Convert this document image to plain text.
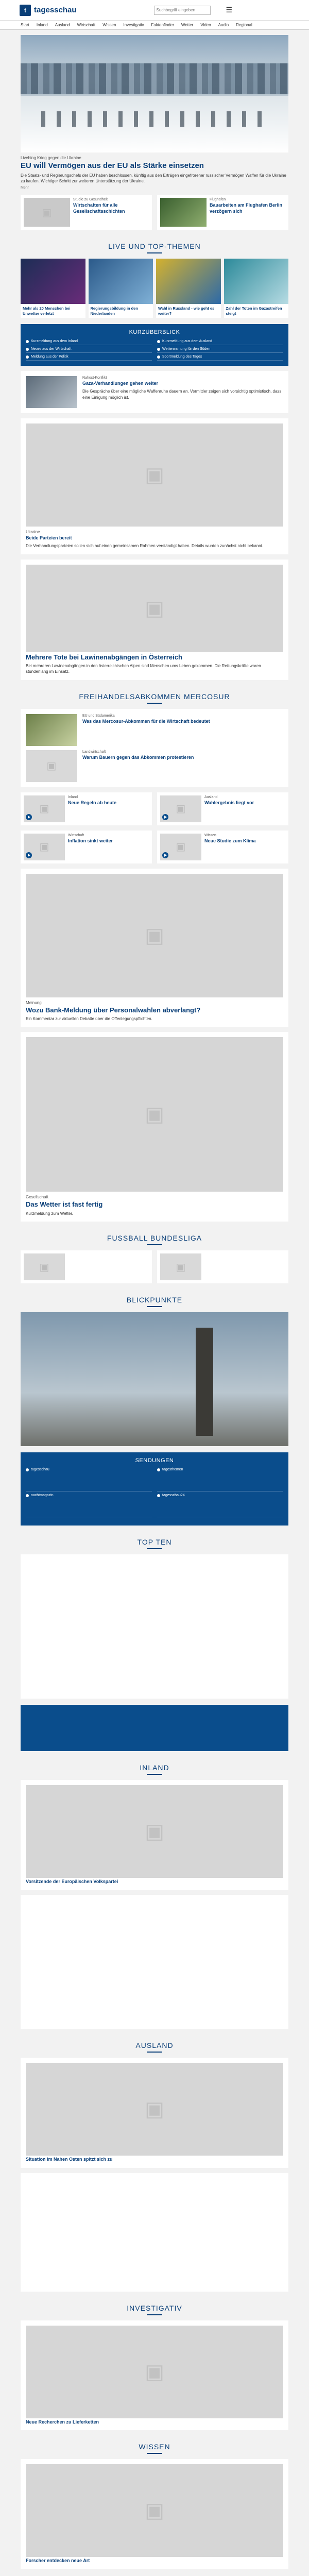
t	tagesschau
Suchbegriff eingeben	☰
Start Inland Ausland Wirtschaft Wissen Investigativ Faktenfinder Wetter Video Audio Regional
Liveblog Krieg gegen die Ukraine
EU will Vermögen aus der EU als Stärke einsetzen
Die Staats- und Regierungschefs der EU haben beschlossen, künftig aus den Erträgen eingefrorener russischer Vermögen Waffen für die Ukraine zu kaufen. Wichtiger Schritt zur weiteren Unterstützung der Ukraine.
Mehr
▣
Studie zu Gesundheit
Wirtschaften für alle Gesellschaftsschichten
Flughafen
Bauarbeiten am Flughafen Berlin verzögern sich
LIVE UND TOP-THEMEN
Mehr als 20 Menschen bei Unwetter verletzt
Regierungsbildung in den Niederlanden
Wahl in Russland - wie geht es weiter?
Zahl der Toten im Gazastreifen steigt
KURZÜBERBLICK
Kurzmeldung aus dem Inland	Kurzmeldung aus dem Ausland
Neues aus der Wirtschaft	Wetterwarnung für den Süden
Meldung aus der Politik	Sportmeldung des Tages
Nahost-Konflikt
Gaza-Verhandlungen gehen weiter
Die Gespräche über eine mögliche Waffenruhe dauern an. Vermittler zeigen sich vorsichtig optimistisch, dass eine Einigung möglich ist.
▣
Ukraine
Beide Parteien bereit
Die Verhandlungsparteien sollen sich auf einen gemeinsamen Rahmen verständigt haben. Details wurden zunächst nicht bekannt.
▣
Mehrere Tote bei Lawinenabgängen in Österreich
Bei mehreren Lawinenabgängen in den österreichischen Alpen sind Menschen ums Leben gekommen. Die Rettungskräfte waren stundenlang im Einsatz.
FREIHANDELSABKOMMEN MERCOSUR
EU und Südamerika
Was das Mercosur-Abkommen für die Wirtschaft bedeutet
▣
Landwirtschaft
Warum Bauern gegen das Abkommen protestieren
▣
Inland
Neue Regeln ab heute
▣
Ausland
Wahlergebnis liegt vor
▣
Wirtschaft
Inflation sinkt weiter
▣
Wissen
Neue Studie zum Klima
▣
Meinung
Wozu Bank-Meldung über Personalwahlen abverlangt?
Ein Kommentar zur aktuellen Debatte über die Offenlegungspflichten.
▣
Gesellschaft
Das Wetter ist fast fertig
Kurzmeldung zum Wetter.
FUSSBALL BUNDESLIGA
▣	▣
BLICKPUNKTE
SENDUNGEN
tagesschau	tagesthemen
nachtmagazin	tagesschau24
TOP TEN
INLAND
▣
Vorsitzende der Europäischen Volkspartei
AUSLAND
▣
Situation im Nahen Osten spitzt sich zu
INVESTIGATIV
▣
Neue Recherchen zu Lieferketten
WISSEN
▣
Forscher entdecken neue Art
